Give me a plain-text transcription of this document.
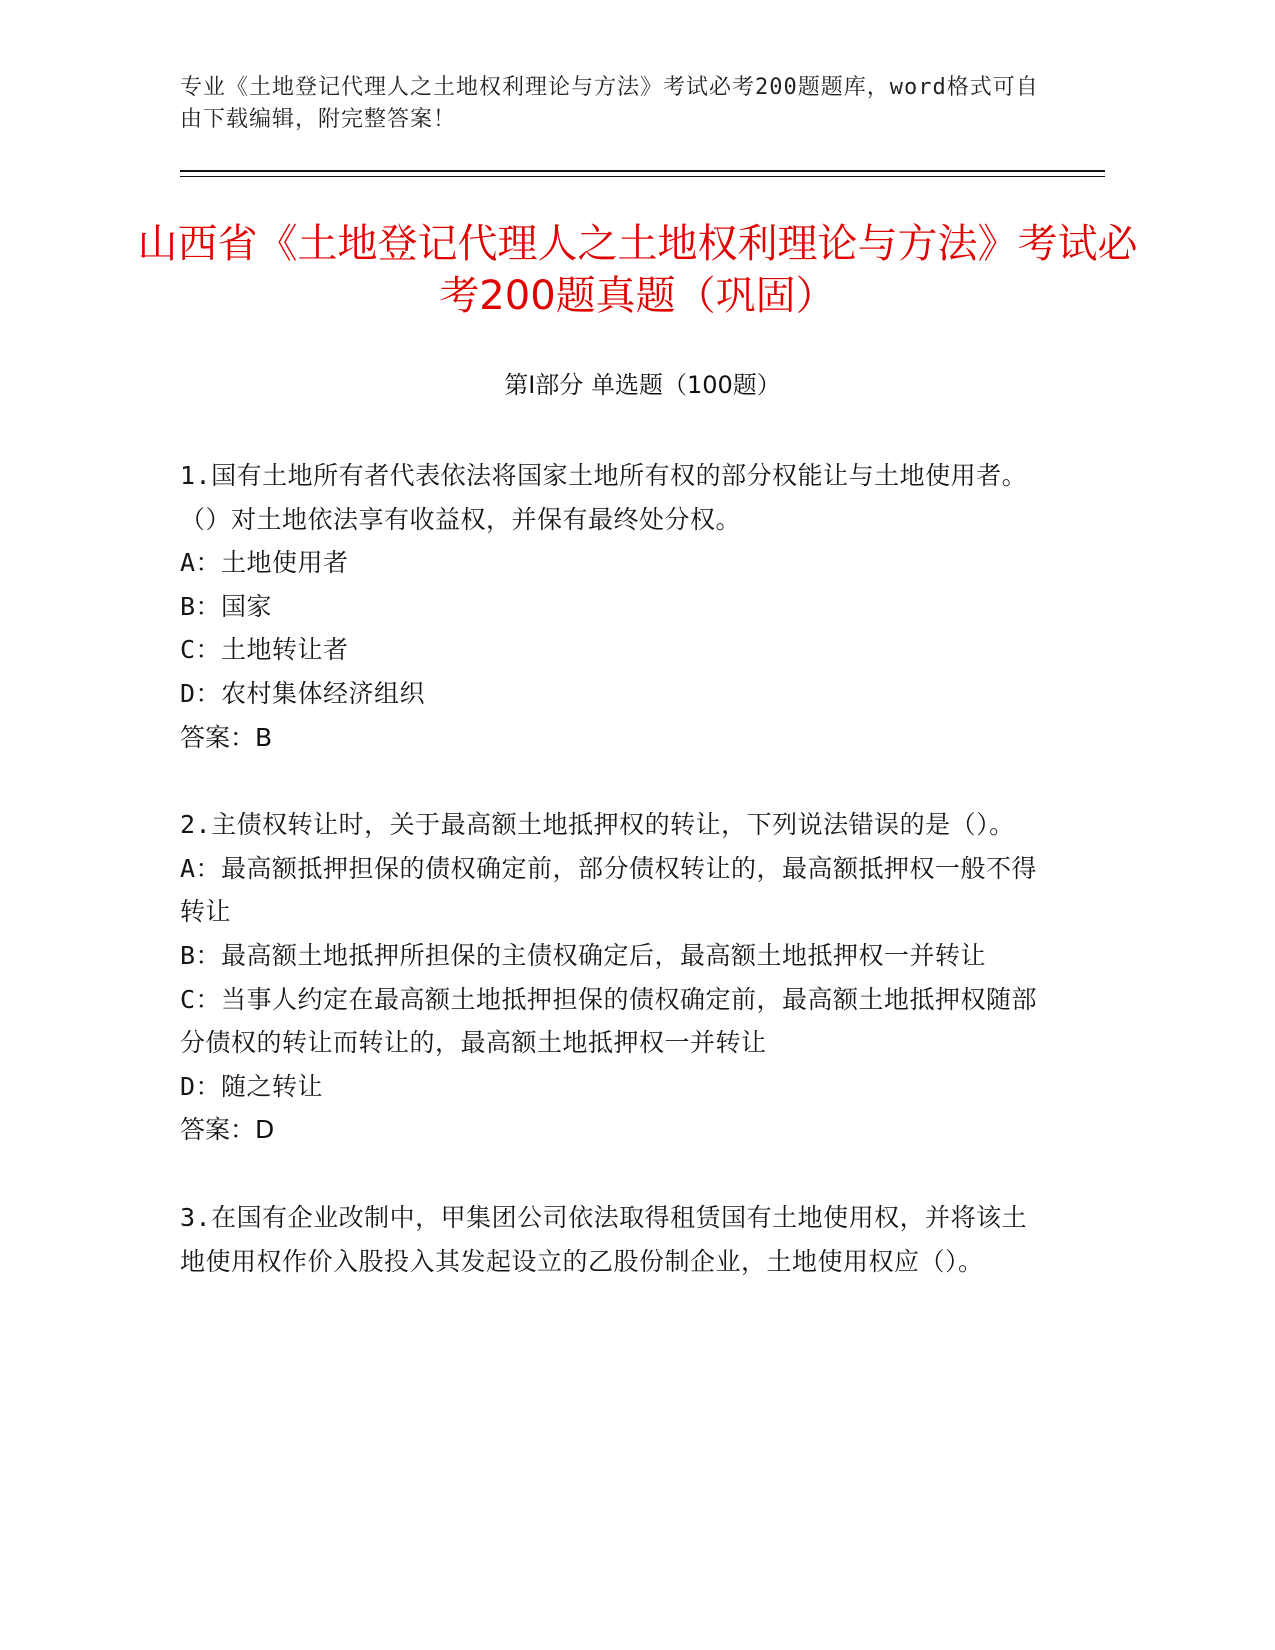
专业《土地登记代理人之土地权利理论与方法》考试必考200题题库，word格式可自由下载编辑，附完整答案！
山西省《土地登记代理人之土地权利理论与方法》考试必考200题真题（巩固）
第Ⅰ部分 单选题（100题）

1.国有土地所有者代表依法将国家土地所有权的部分权能让与土地使用者。（）对土地依法享有收益权，并保有最终处分权。

A：土地使用者

B：国家

C：土地转让者

D：农村集体经济组织

答案：B

2.主债权转让时，关于最高额土地抵押权的转让，下列说法错误的是（）。

A：最高额抵押担保的债权确定前，部分债权转让的，最高额抵押权一般不得转让

B：最高额土地抵押所担保的主债权确定后，最高额土地抵押权一并转让

C：当事人约定在最高额土地抵押担保的债权确定前，最高额土地抵押权随部分债权的转让而转让的，最高额土地抵押权一并转让

D：随之转让

答案：D

3.在国有企业改制中，甲集团公司依法取得租赁国有土地使用权，并将该土地使用权作价入股投入其发起设立的乙股份制企业，土地使用权应（）。
